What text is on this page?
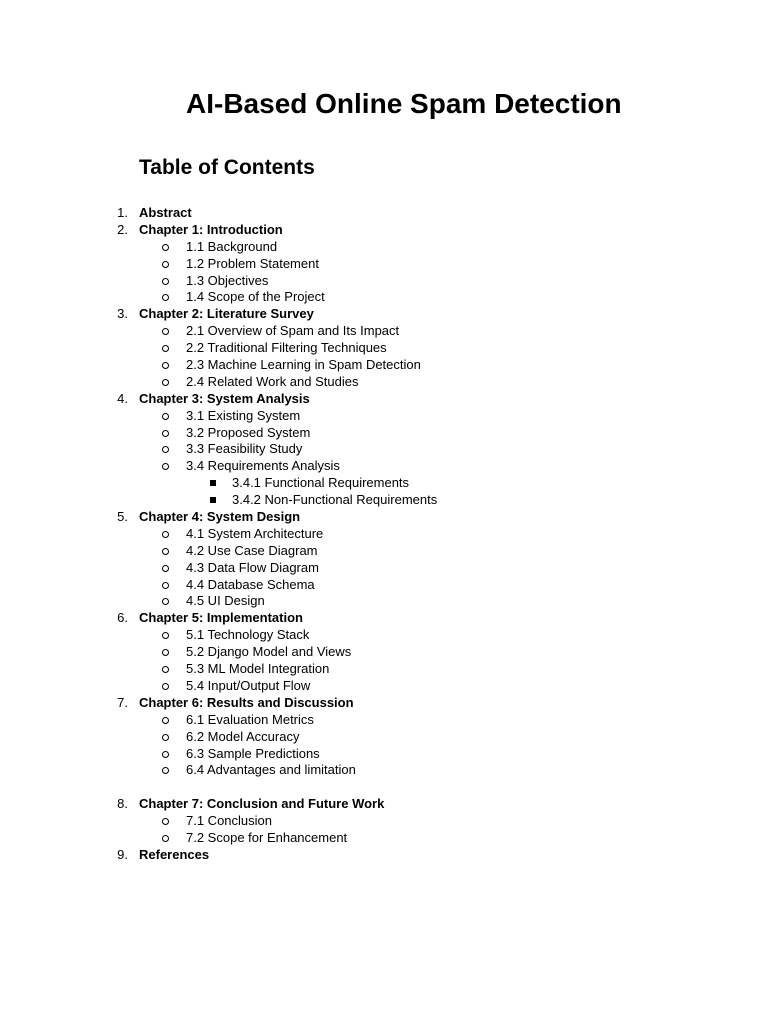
AI-Based Online Spam Detection
Table of Contents
1. Abstract
2. Chapter 1: Introduction
1.1 Background
1.2 Problem Statement
1.3 Objectives
1.4 Scope of the Project
3. Chapter 2: Literature Survey
2.1 Overview of Spam and Its Impact
2.2 Traditional Filtering Techniques
2.3 Machine Learning in Spam Detection
2.4 Related Work and Studies
4. Chapter 3: System Analysis
3.1 Existing System
3.2 Proposed System
3.3 Feasibility Study
3.4 Requirements Analysis
3.4.1 Functional Requirements
3.4.2 Non-Functional Requirements
5. Chapter 4: System Design
4.1 System Architecture
4.2 Use Case Diagram
4.3 Data Flow Diagram
4.4 Database Schema
4.5 UI Design
6. Chapter 5: Implementation
5.1 Technology Stack
5.2 Django Model and Views
5.3 ML Model Integration
5.4 Input/Output Flow
7. Chapter 6: Results and Discussion
6.1 Evaluation Metrics
6.2 Model Accuracy
6.3 Sample Predictions
6.4 Advantages and limitation
8. Chapter 7: Conclusion and Future Work
7.1 Conclusion
7.2 Scope for Enhancement
9. References
